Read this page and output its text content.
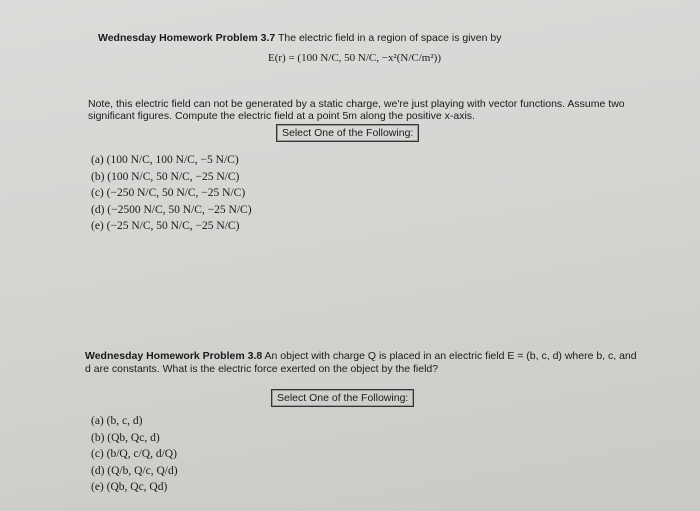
Wednesday Homework Problem 3.7 The electric field in a region of space is given by
E(r) = (100 N/C, 50 N/C, −x²(N/C/m²))
Note, this electric field can not be generated by a static charge, we're just playing with vector functions. Assume two significant figures. Compute the electric field at a point 5m along the positive x-axis.
Select One of the Following:
(a) (100 N/C, 100 N/C, −5 N/C)
(b) (100 N/C, 50 N/C, −25 N/C)
(c) (−250 N/C, 50 N/C, −25 N/C)
(d) (−2500 N/C, 50 N/C, −25 N/C)
(e) (−25 N/C, 50 N/C, −25 N/C)
Wednesday Homework Problem 3.8 An object with charge Q is placed in an electric field E = (b, c, d) where b, c, and d are constants. What is the electric force exerted on the object by the field?
Select One of the Following:
(a) (b, c, d)
(b) (Qb, Qc, d)
(c) (b/Q, c/Q, d/Q)
(d) (Q/b, Q/c, Q/d)
(e) (Qb, Qc, Qd)
